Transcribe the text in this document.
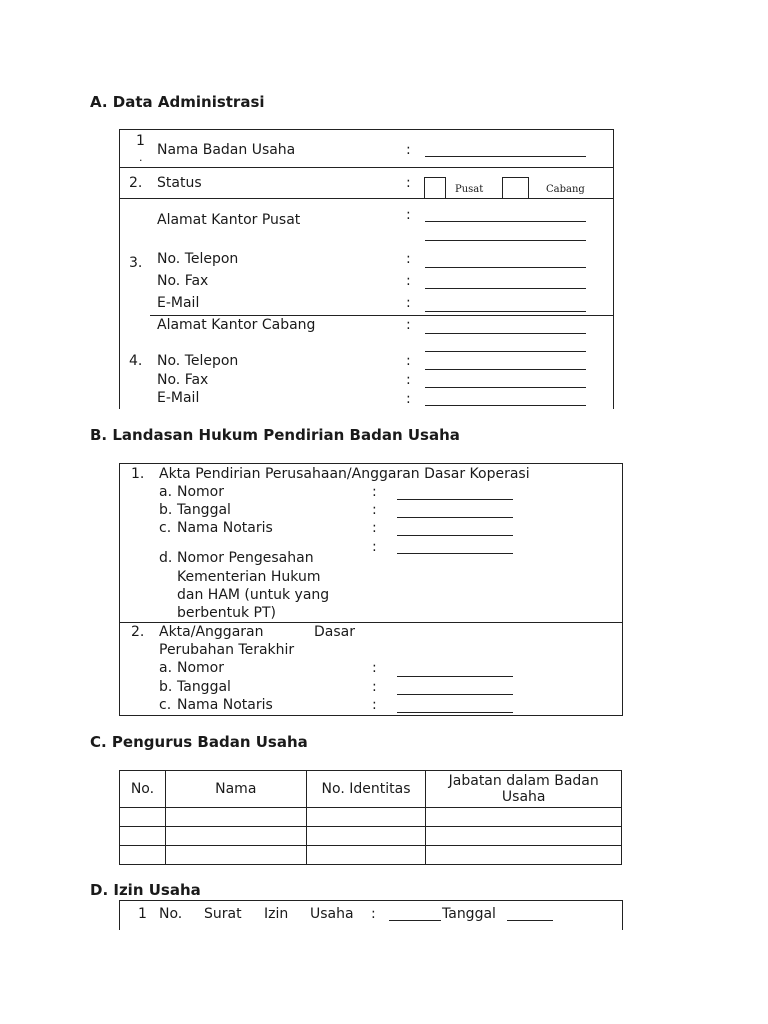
A. Data Administrasi
1
. Nama Badan Usaha	:
2. Status	:	Pusat	Cabang
3.
Alamat Kantor Pusat	:
No. Telepon	:
No. Fax	:
E-Mail	:
4.
Alamat Kantor Cabang	:
No. Telepon	:
No. Fax	:
E-Mail	:
B. Landasan Hukum Pendirian Badan Usaha
1. Akta Pendirian Perusahaan/Anggaran Dasar Koperasi
a. Nomor	:
b. Tanggal	:
c. Nama Notaris	:
:
d. Nomor Pengesahan
Kementerian Hukum
dan HAM (untuk yang
berbentuk PT)
2. Akta/Anggaran	Dasar
Perubahan Terakhir
a. Nomor	:
b. Tanggal	:
c. Nama Notaris	:
C. Pengurus Badan Usaha
No.	Nama	No. Identitas	Jabatan dalam Badan
Usaha

D. Izin Usaha
1 No. Surat Izin Usaha :	Tanggal
